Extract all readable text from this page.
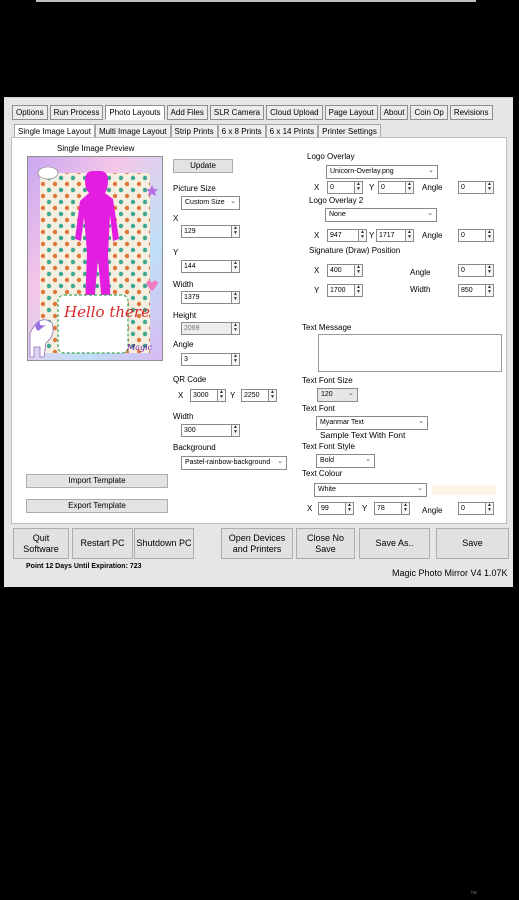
Options	Run Process	Photo Layouts	Add Files	SLR Camera	Cloud Upload	Page Layout	About	Coin Op	Revisions
Single Image Layout	Multi Image Layout	Strip Prints	6 x 8 Prints	6 x 14 Prints	Printer Settings
Single Image Preview
Hello there
Magic
Import Template
Export Template
Update
Picture Size
Custom Size ⌄
X
129	▲
▼
Y
144	▲
▼
Width
1379	▲
▼
Height
2069	▲
▼
Angle
3	▲
▼
QR Code
X 3000	▲
▼ Y 2250	▲
▼
Width
300	▲
▼
Background
Pastel-rainbow-background ⌄
Logo Overlay
Unicorn-Overlay.png	⌄
X 0	▲
▼ Y 0	▲
▼ Angle	0	▲
▼
Logo Overlay 2
None	⌄
X 947	▲
▼ Y 1717	▲
▼ Angle	0	▲
▼
Signature (Draw) Position
X 400	▲
▼	Angle	0	▲
▼
Y 1700	▲
▼	Width	850	▲
▼
Text Message
Text Font Size
120 ⌄
Text Font
Myanmar Text	⌄
Sample Text With Font
Text Font Style
Bold	⌄
Text Colour
White	⌄
X 99	▲
▼ Y 78	▲
▼ Angle	0	▲
▼
Quit Software
Restart PC	Shutdown PC
Open Devices and Printers
Close No Save
Save As..	Save
Point 12 Days Until Expiration: 723
Magic Photo Mirror V4 1.07K
™
